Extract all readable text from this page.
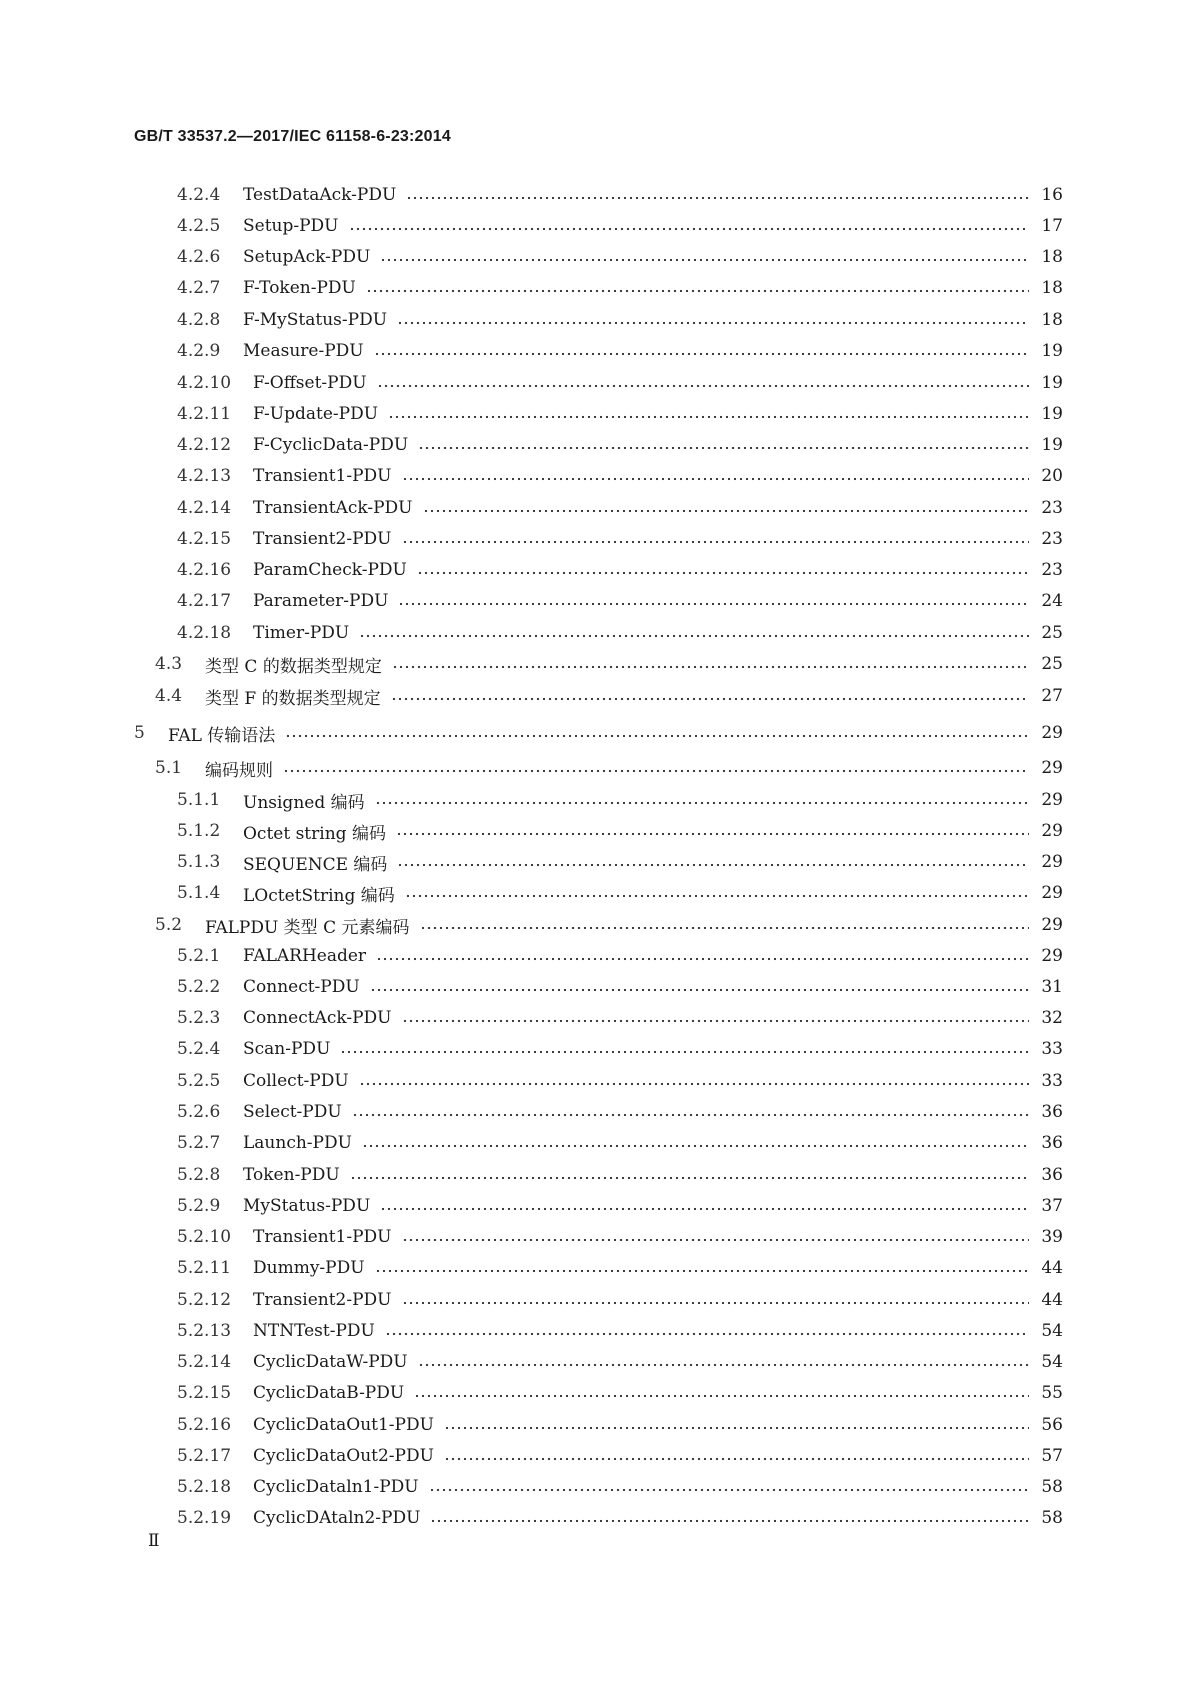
GB/T 33537.2—2017/IEC 61158-6-23:2014
4.2.4	TestDataAck-PDU	16
4.2.5	Setup-PDU	17
4.2.6	SetupAck-PDU	18
4.2.7	F-Token-PDU	18
4.2.8	F-MyStatus-PDU	18
4.2.9	Measure-PDU	19
4.2.10	F-Offset-PDU	19
4.2.11	F-Update-PDU	19
4.2.12	F-CyclicData-PDU	19
4.2.13	Transient1-PDU	20
4.2.14	TransientAck-PDU	23
4.2.15	Transient2-PDU	23
4.2.16	ParamCheck-PDU	23
4.2.17	Parameter-PDU	24
4.2.18	Timer-PDU	25
4.3	类型 C 的数据类型规定	25
4.4	类型 F 的数据类型规定	27
5	FAL 传输语法	29
5.1	编码规则	29
5.1.1	Unsigned 编码	29
5.1.2	Octet string 编码	29
5.1.3	SEQUENCE 编码	29
5.1.4	LOctetString 编码	29
5.2	FALPDU 类型 C 元素编码	29
5.2.1	FALARHeader	29
5.2.2	Connect-PDU	31
5.2.3	ConnectAck-PDU	32
5.2.4	Scan-PDU	33
5.2.5	Collect-PDU	33
5.2.6	Select-PDU	36
5.2.7	Launch-PDU	36
5.2.8	Token-PDU	36
5.2.9	MyStatus-PDU	37
5.2.10	Transient1-PDU	39
5.2.11	Dummy-PDU	44
5.2.12	Transient2-PDU	44
5.2.13	NTNTest-PDU	54
5.2.14	CyclicDataW-PDU	54
5.2.15	CyclicDataB-PDU	55
5.2.16	CyclicDataOut1-PDU	56
5.2.17	CyclicDataOut2-PDU	57
5.2.18	CyclicDataln1-PDU	58
5.2.19	CyclicDAtaln2-PDU	58
Ⅱ
